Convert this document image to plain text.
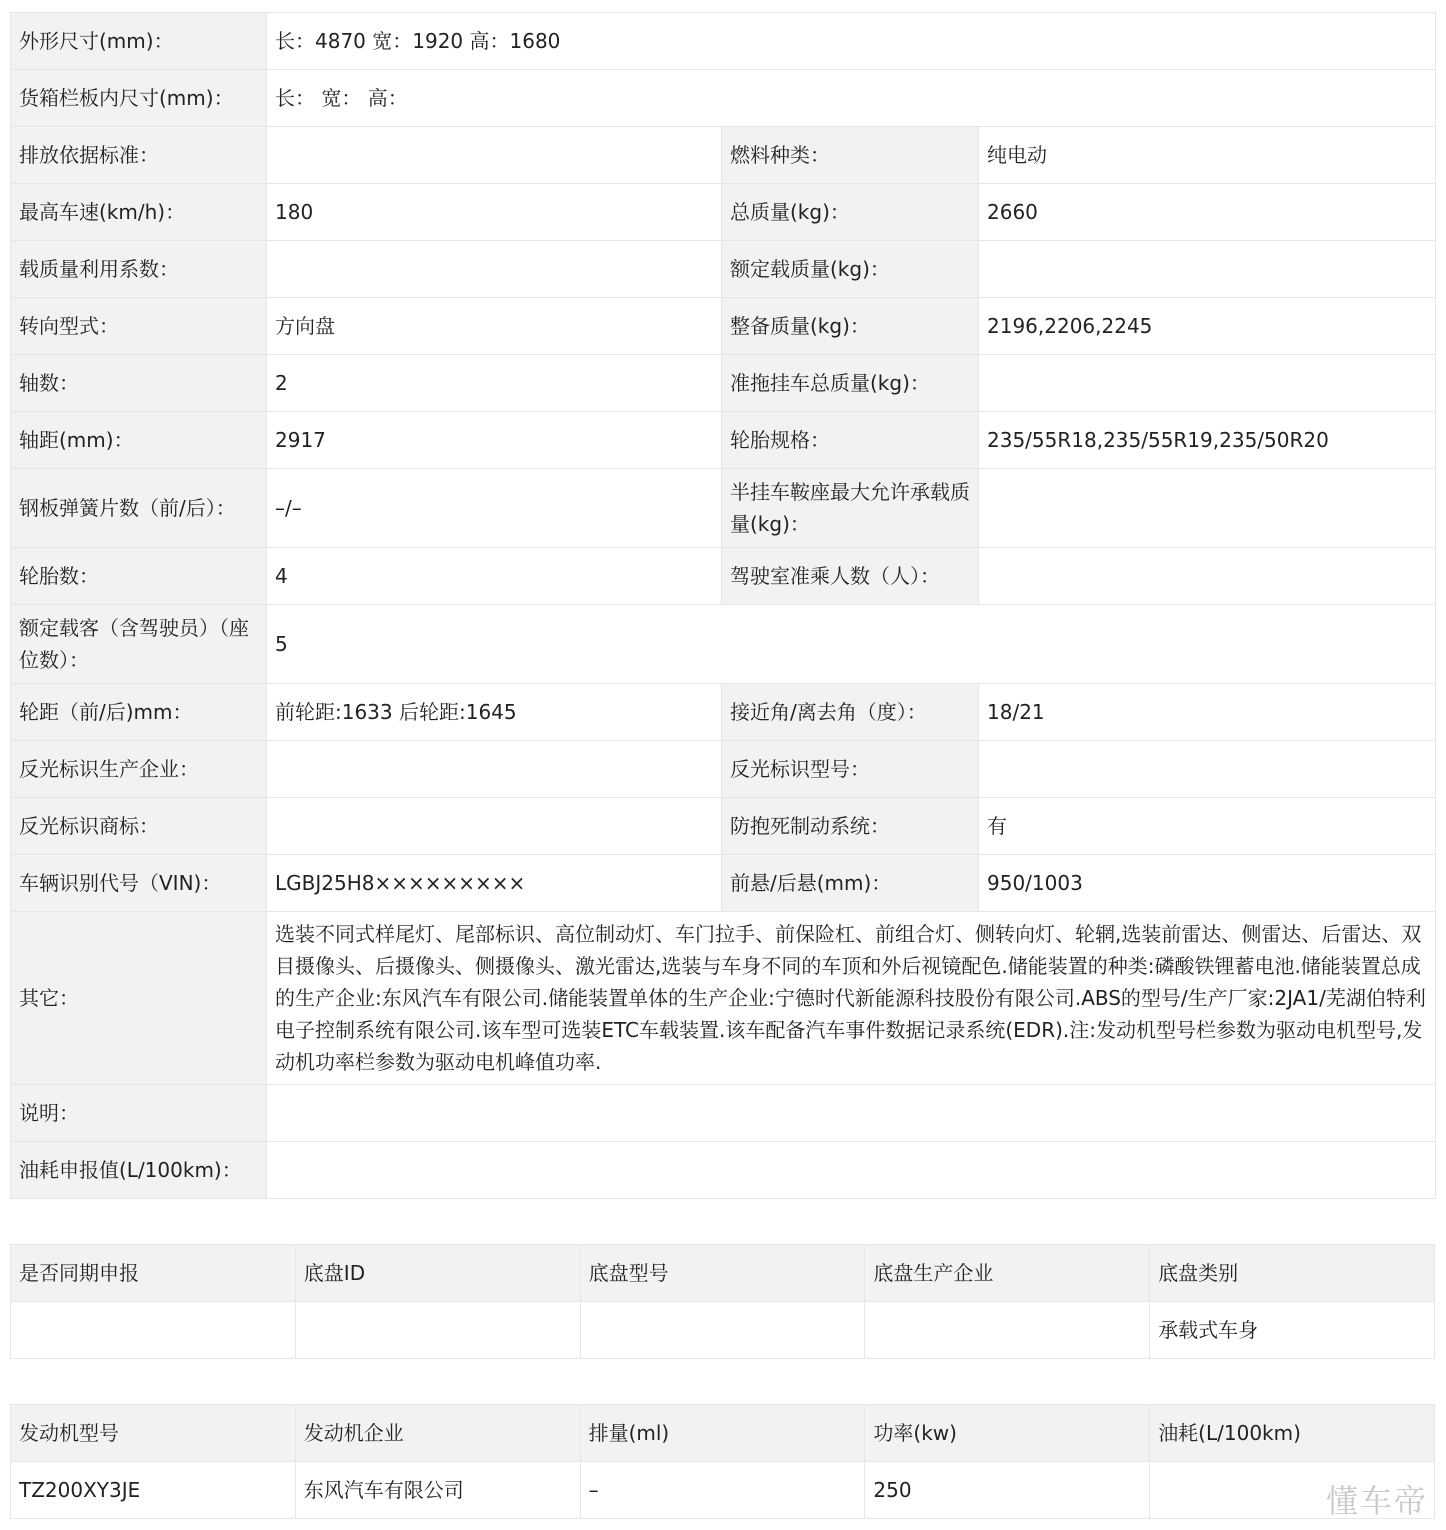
外形尺寸(mm)：	长：4870 宽：1920 高：1680		
货箱栏板内尺寸(mm)：	长： 宽： 高：		
排放依据标准：		燃料种类：	纯电动
最高车速(km/h)：	180	总质量(kg)：	2660
载质量利用系数：		额定载质量(kg)：	
转向型式：	方向盘	整备质量(kg)：	2196,2206,2245
轴数：	2	准拖挂车总质量(kg)：	
轴距(mm)：	2917	轮胎规格：	235/55R18,235/55R19,235/50R20
钢板弹簧片数（前/后）：	–/–	半挂车鞍座最大允许承载质量(kg)：	
轮胎数：	4	驾驶室准乘人数（人）：	
额定载客（含驾驶员）（座位数）：	5		
轮距（前/后)mm：	前轮距:1633 后轮距:1645	接近角/离去角（度）：	18/21
反光标识生产企业：		反光标识型号：	
反光标识商标：		防抱死制动系统：	有
车辆识别代号（VIN)：	LGBJ25H8×××××××××	前悬/后悬(mm)：	950/1003
其它：	选装不同式样尾灯、尾部标识、高位制动灯、车门拉手、前保险杠、前组合灯、侧转向灯、轮辋,选装前雷达、侧雷达、后雷达、双目摄像头、后摄像头、侧摄像头、激光雷达,选装与车身不同的车顶和外后视镜配色.储能装置的种类:磷酸铁锂蓄电池.储能装置总成的生产企业:东风汽车有限公司.储能装置单体的生产企业:宁德时代新能源科技股份有限公司.ABS的型号/生产厂家:2JA1/芜湖伯特利电子控制系统有限公司.该车型可选装ETC车载装置.该车配备汽车事件数据记录系统(EDR).注:发动机型号栏参数为驱动电机型号,发动机功率栏参数为驱动电机峰值功率.		
说明：			
油耗申报值(L/100km)：			
是否同期申报	底盘ID	底盘型号	底盘生产企业	底盘类别
				承载式车身
发动机型号	发动机企业	排量(ml)	功率(kw)	油耗(L/100km)
TZ200XY3JE	东风汽车有限公司	–	250		懂车帝
